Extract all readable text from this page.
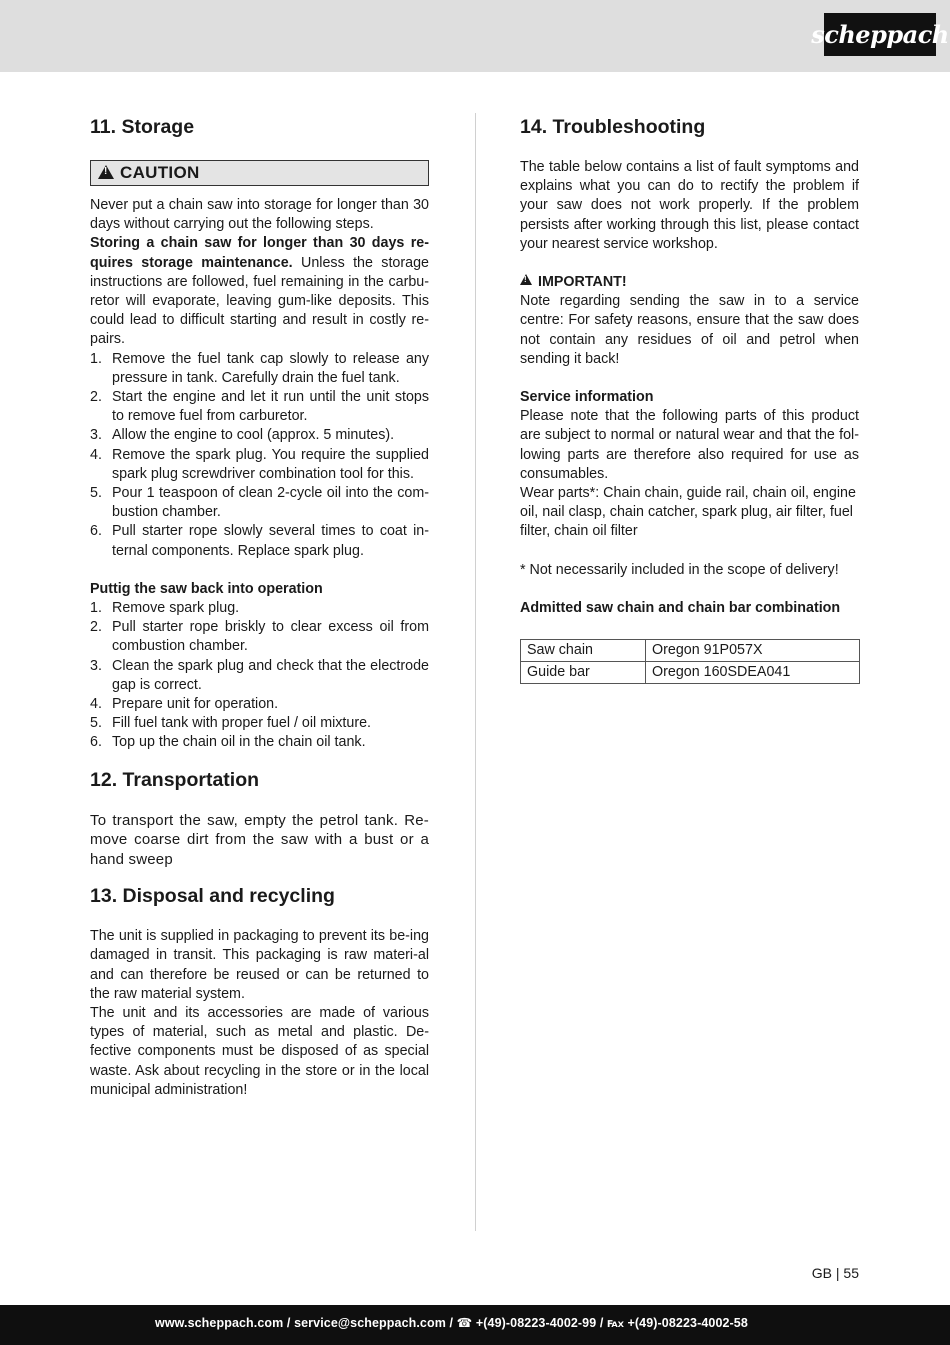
scheppach
11. Storage
!
CAUTION

Never put a chain saw into storage for longer than 30 days without carrying out the following steps.

Storing a chain saw for longer than 30 days re-quires storage maintenance. Unless the storage instructions are followed, fuel remaining in the carbu-retor will evaporate, leaving gum-like deposits. This could lead to difficult starting and result in costly re-pairs.

1. Remove the fuel tank cap slowly to release any pressure in tank. Carefully drain the fuel tank.
2. Start the engine and let it run until the unit stops to remove fuel from carburetor.
3. Allow the engine to cool (approx. 5 minutes).
4. Remove the spark plug. You require the supplied spark plug screwdriver combination tool for this.
5. Pour 1 teaspoon of clean 2-cycle oil into the com-bustion chamber.
6. Pull starter rope slowly several times to coat in-ternal components. Replace spark plug.

Puttig the saw back into operation

1. Remove spark plug.
2. Pull starter rope briskly to clear excess oil from combustion chamber.
3. Clean the spark plug and check that the electrode gap is correct.
4. Prepare unit for operation.
5. Fill fuel tank with proper fuel / oil mixture.
6. Top up the chain oil in the chain oil tank.
12. Transportation

To transport the saw, empty the petrol tank. Re-move coarse dirt from the saw with a bust or a hand sweep

13. Disposal and recycling

The unit is supplied in packaging to prevent its be-ing damaged in transit. This packaging is raw materi-al and can therefore be reused or can be returned to the raw material system.

The unit and its accessories are made of various types of material, such as metal and plastic. De-fective components must be disposed of as special waste. Ask about recycling in the store or in the local municipal administration!

14. Troubleshooting

The table below contains a list of fault symptoms and explains what you can do to rectify the problem if your saw does not work properly. If the problem persists after working through this list, please contact your nearest service workshop.

!IMPORTANT!

Note regarding sending the saw in to a service centre: For safety reasons, ensure that the saw does not contain any residues of oil and petrol when sending it back!

Service information

Please note that the following parts of this product are subject to normal or natural wear and that the fol-lowing parts are therefore also required for use as consumables.

Wear parts*: Chain chain, guide rail, chain oil, engine oil, nail clasp, chain catcher, spark plug, air filter, fuel filter, chain oil filter

* Not necessarily included in the scope of delivery!

Admitted saw chain and chain bar combination

Saw chain	Oregon 91P057X
Guide bar	Oregon 160SDEA041
GB | 55
www.scheppach.com / service@scheppach.com / ☎ +(49)-08223-4002-99 / ℻ +(49)-08223-4002-58
